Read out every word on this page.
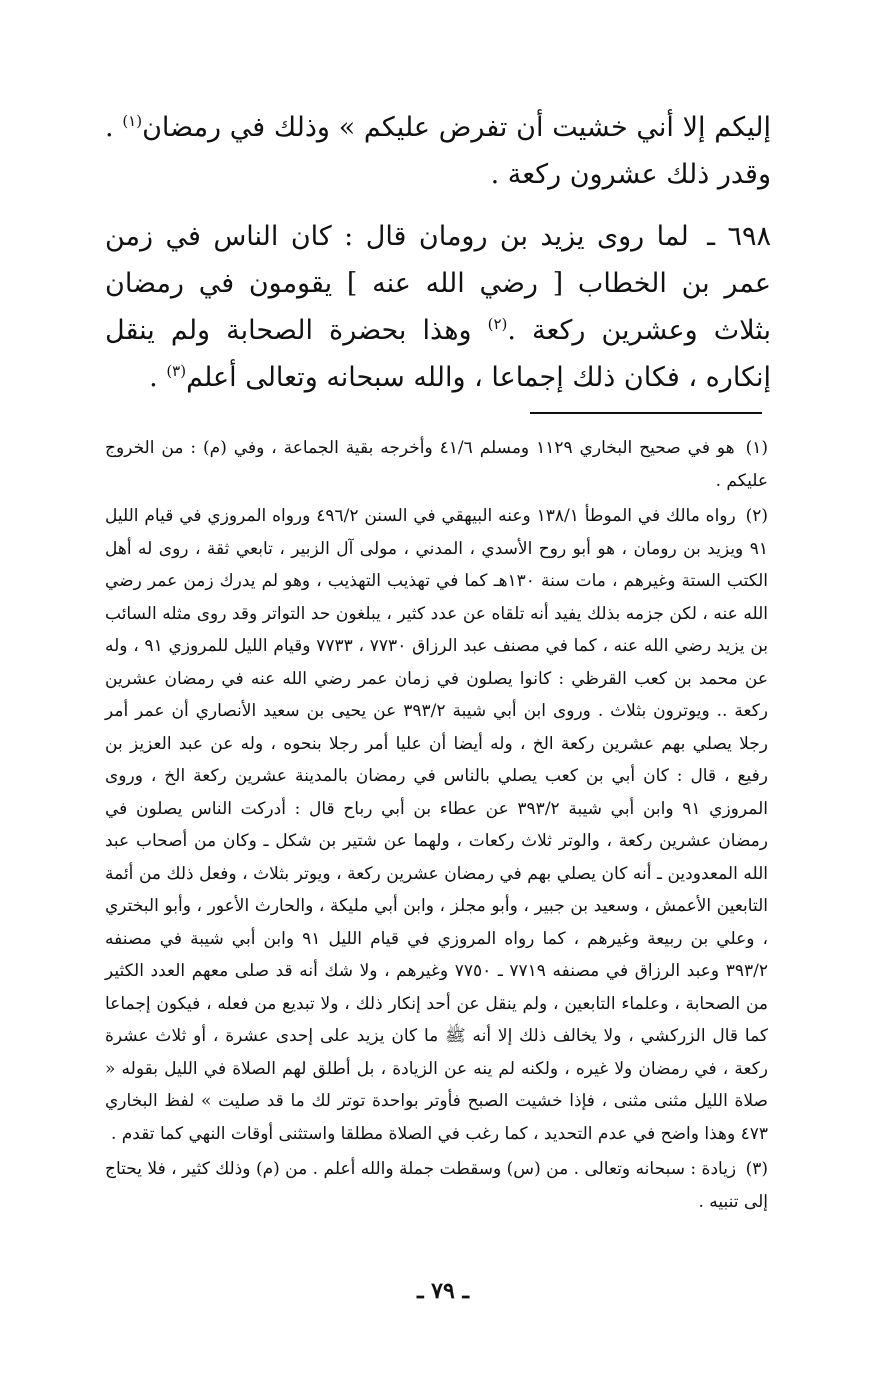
إليكم إلا أني خشيت أن تفرض عليكم » وذلك في رمضان$^{(١)}$ . وقدر ذلك عشرون ركعة .
٦٩٨ ـ لما روى يزيد بن رومان قال : كان الناس في زمن عمر بن الخطاب [ رضي الله عنه ] يقومون في رمضان بثلاث وعشرين ركعة .$^{(٢)}$ وهذا بحضرة الصحابة ولم ينقل إنكاره ، فكان ذلك إجماعا ، والله سبحانه وتعالى أعلم$^{(٣)}$ .

(١) هو في صحيح البخاري ١١٢٩ ومسلم ٤١/٦ وأخرجه بقية الجماعة ، وفي (م) : من الخروج عليكم .

(٢) رواه مالك في الموطأ ١٣٨/١ وعنه البيهقي في السنن ٤٩٦/٢ ورواه المروزي في قيام الليل ٩١ ويزيد بن رومان ، هو أبو روح الأسدي ، المدني ، مولى آل الزبير ، تابعي ثقة ، روى له أهل الكتب الستة وغيرهم ، مات سنة ١٣٠هـ كما في تهذيب التهذيب ، وهو لم يدرك زمن عمر رضي الله عنه ، لكن جزمه بذلك يفيد أنه تلقاه عن عدد كثير ، يبلغون حد التواتر وقد روى مثله السائب بن يزيد رضي الله عنه ، كما في مصنف عبد الرزاق ٧٧٣٠ ، ٧٧٣٣ وقيام الليل للمروزي ٩١ ، وله عن محمد بن كعب القرظي : كانوا يصلون في زمان عمر رضي الله عنه في رمضان عشرين ركعة .. ويوترون بثلاث . وروى ابن أبي شيبة ٣٩٣/٢ عن يحيى بن سعيد الأنصاري أن عمر أمر رجلا يصلي بهم عشرين ركعة الخ ، وله أيضا أن عليا أمر رجلا بنحوه ، وله عن عبد العزيز بن رفيع ، قال : كان أبي بن كعب يصلي بالناس في رمضان بالمدينة عشرين ركعة الخ ، وروى المروزي ٩١ وابن أبي شيبة ٣٩٣/٢ عن عطاء بن أبي رباح قال : أدركت الناس يصلون في رمضان عشرين ركعة ، والوتر ثلاث ركعات ، ولهما عن شتير بن شكل ـ وكان من أصحاب عبد الله المعدودين ـ أنه كان يصلي بهم في رمضان عشرين ركعة ، ويوتر بثلاث ، وفعل ذلك من أئمة التابعين الأعمش ، وسعيد بن جبير ، وأبو مجلز ، وابن أبي مليكة ، والحارث الأعور ، وأبو البختري ، وعلي بن ربيعة وغيرهم ، كما رواه المروزي في قيام الليل ٩١ وابن أبي شيبة في مصنفه ٣٩٣/٢ وعبد الرزاق في مصنفه ٧٧١٩ ـ ٧٧٥٠ وغيرهم ، ولا شك أنه قد صلى معهم العدد الكثير من الصحابة ، وعلماء التابعين ، ولم ينقل عن أحد إنكار ذلك ، ولا تبديع من فعله ، فيكون إجماعا كما قال الزركشي ، ولا يخالف ذلك إلا أنه ﷺ ما كان يزيد على إحدى عشرة ، أو ثلاث عشرة ركعة ، في رمضان ولا غيره ، ولكنه لم ينه عن الزيادة ، بل أطلق لهم الصلاة في الليل بقوله « صلاة الليل مثنى مثنى ، فإذا خشيت الصبح فأوتر بواحدة توتر لك ما قد صليت » لفظ البخاري ٤٧٣ وهذا واضح في عدم التحديد ، كما رغب في الصلاة مطلقا واستثنى أوقات النهي كما تقدم .

(٣) زيادة : سبحانه وتعالى . من (س) وسقطت جملة والله أعلم . من (م) وذلك كثير ، فلا يحتاج إلى تنبيه .

ـ ٧٩ ـ
